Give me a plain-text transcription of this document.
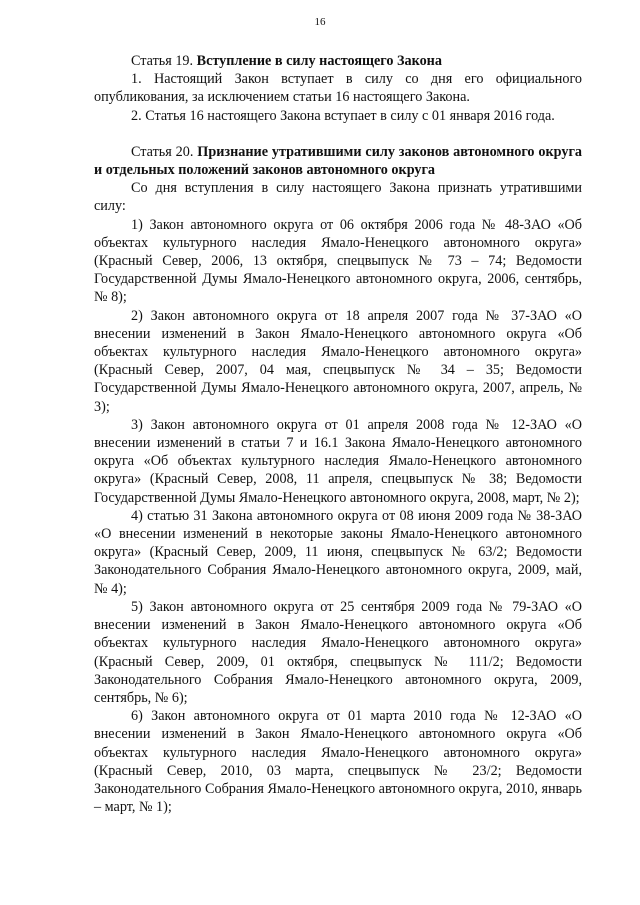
16

Статья 19. Вступление в силу настоящего Закона

1. Настоящий Закон вступает в силу со дня его официального опубликования, за исключением статьи 16 настоящего Закона.

2. Статья 16 настоящего Закона вступает в силу с 01 января 2016 года.

Статья 20. Признание утратившими силу законов автономного округа и отдельных положений законов автономного округа

Со дня вступления в силу настоящего Закона признать утратившими силу:

1) Закон автономного округа от 06 октября 2006 года № 48-ЗАО «Об объектах культурного наследия Ямало-Ненецкого автономного округа» (Красный Север, 2006, 13 октября, спецвыпуск № 73 – 74; Ведомости Государственной Думы Ямало-Ненецкого автономного округа, 2006, сентябрь, № 8);

2) Закон автономного округа от 18 апреля 2007 года № 37-ЗАО «О внесении изменений в Закон Ямало-Ненецкого автономного округа «Об объектах культурного наследия Ямало-Ненецкого автономного округа» (Красный Север, 2007, 04 мая, спецвыпуск № 34 – 35; Ведомости Государственной Думы Ямало-Ненецкого автономного округа, 2007, апрель, № 3);

3) Закон автономного округа от 01 апреля 2008 года № 12-ЗАО «О внесении изменений в статьи 7 и 16.1 Закона Ямало-Ненецкого автономного округа «Об объектах культурного наследия Ямало-Ненецкого автономного округа» (Красный Север, 2008, 11 апреля, спецвыпуск № 38; Ведомости Государственной Думы Ямало-Ненецкого автономного округа, 2008, март, № 2);

4) статью 31 Закона автономного округа от 08 июня 2009 года № 38-ЗАО «О внесении изменений в некоторые законы Ямало-Ненецкого автономного округа» (Красный Север, 2009, 11 июня, спецвыпуск № 63/2; Ведомости Законодательного Собрания Ямало-Ненецкого автономного округа, 2009, май, № 4);

5) Закон автономного округа от 25 сентября 2009 года № 79-ЗАО «О внесении изменений в Закон Ямало-Ненецкого автономного округа «Об объектах культурного наследия Ямало-Ненецкого автономного округа» (Красный Север, 2009, 01 октября, спецвыпуск № 111/2; Ведомости Законодательного Собрания Ямало-Ненецкого автономного округа, 2009, сентябрь, № 6);

6) Закон автономного округа от 01 марта 2010 года № 12-ЗАО «О внесении изменений в Закон Ямало-Ненецкого автономного округа «Об объектах культурного наследия Ямало-Ненецкого автономного округа» (Красный Север, 2010, 03 марта, спецвыпуск № 23/2; Ведомости Законодательного Собрания Ямало-Ненецкого автономного округа, 2010, январь – март, № 1);
